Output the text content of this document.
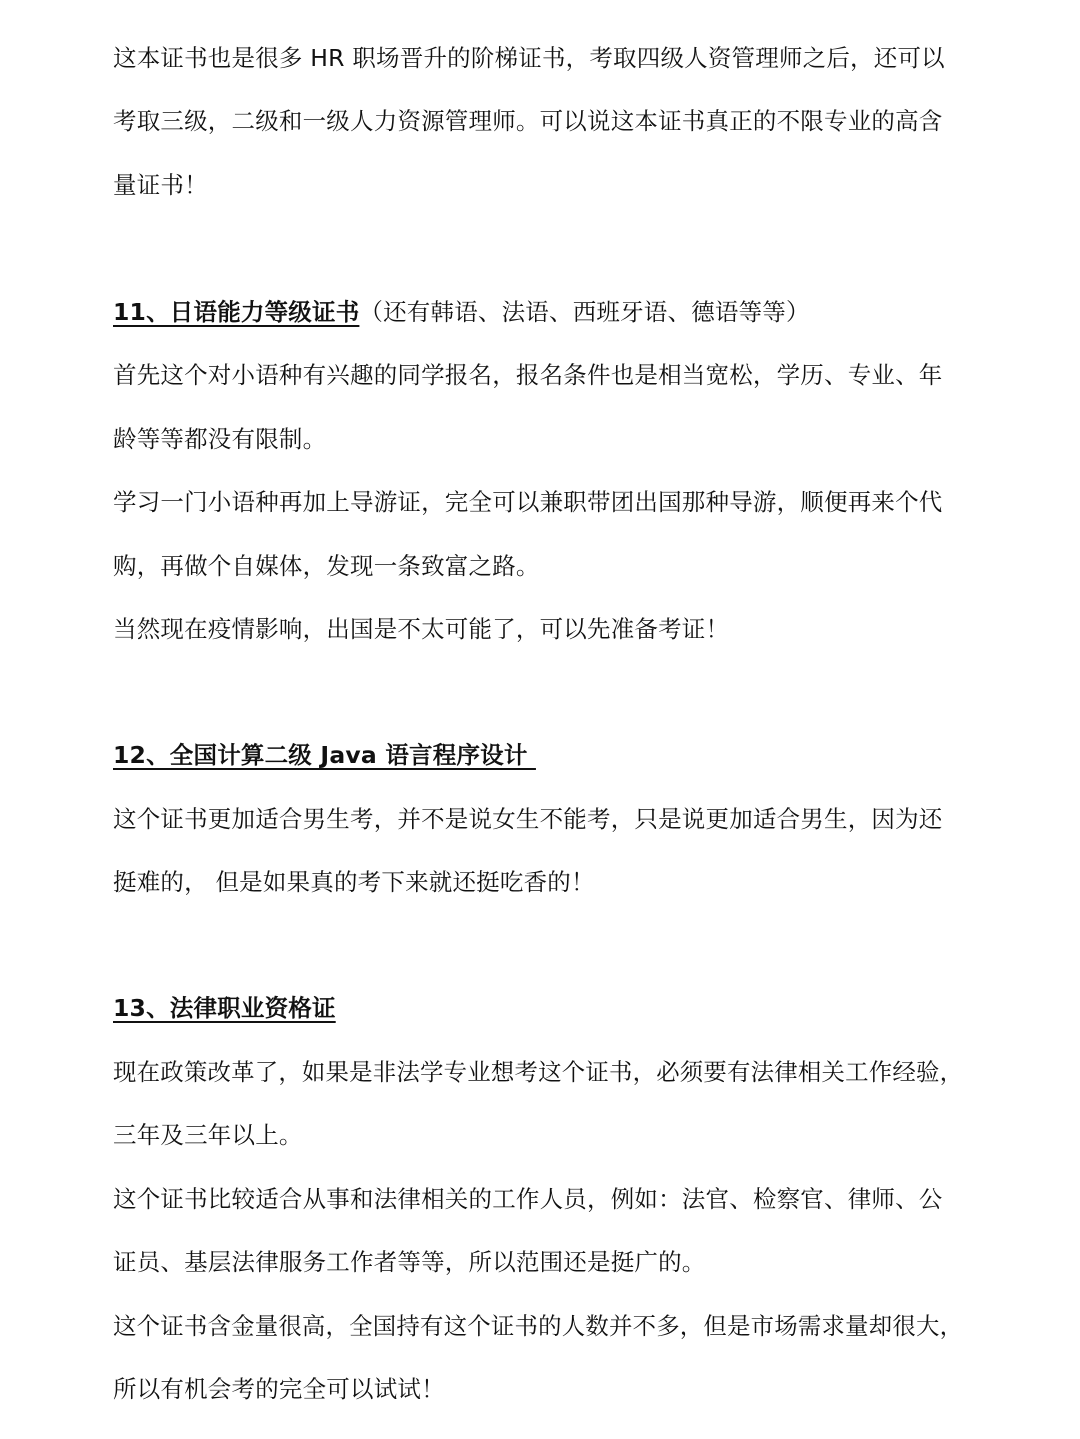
这本证书也是很多 HR 职场晋升的阶梯证书，考取四级人资管理师之后，还可以
考取三级，二级和一级人力资源管理师。可以说这本证书真正的不限专业的高含
量证书！
11、日语能力等级证书（还有韩语、法语、西班牙语、德语等等）
首先这个对小语种有兴趣的同学报名，报名条件也是相当宽松，学历、专业、年
龄等等都没有限制。
学习一门小语种再加上导游证，完全可以兼职带团出国那种导游，顺便再来个代
购，再做个自媒体，发现一条致富之路。
当然现在疫情影响，出国是不太可能了，可以先准备考证！
12、全国计算二级 Java 语言程序设计
这个证书更加适合男生考，并不是说女生不能考，只是说更加适合男生，因为还
挺难的， 但是如果真的考下来就还挺吃香的！
13、法律职业资格证
现在政策改革了，如果是非法学专业想考这个证书，必须要有法律相关工作经验，
三年及三年以上。
这个证书比较适合从事和法律相关的工作人员，例如：法官、检察官、律师、公
证员、基层法律服务工作者等等，所以范围还是挺广的。
这个证书含金量很高，全国持有这个证书的人数并不多，但是市场需求量却很大，
所以有机会考的完全可以试试！
